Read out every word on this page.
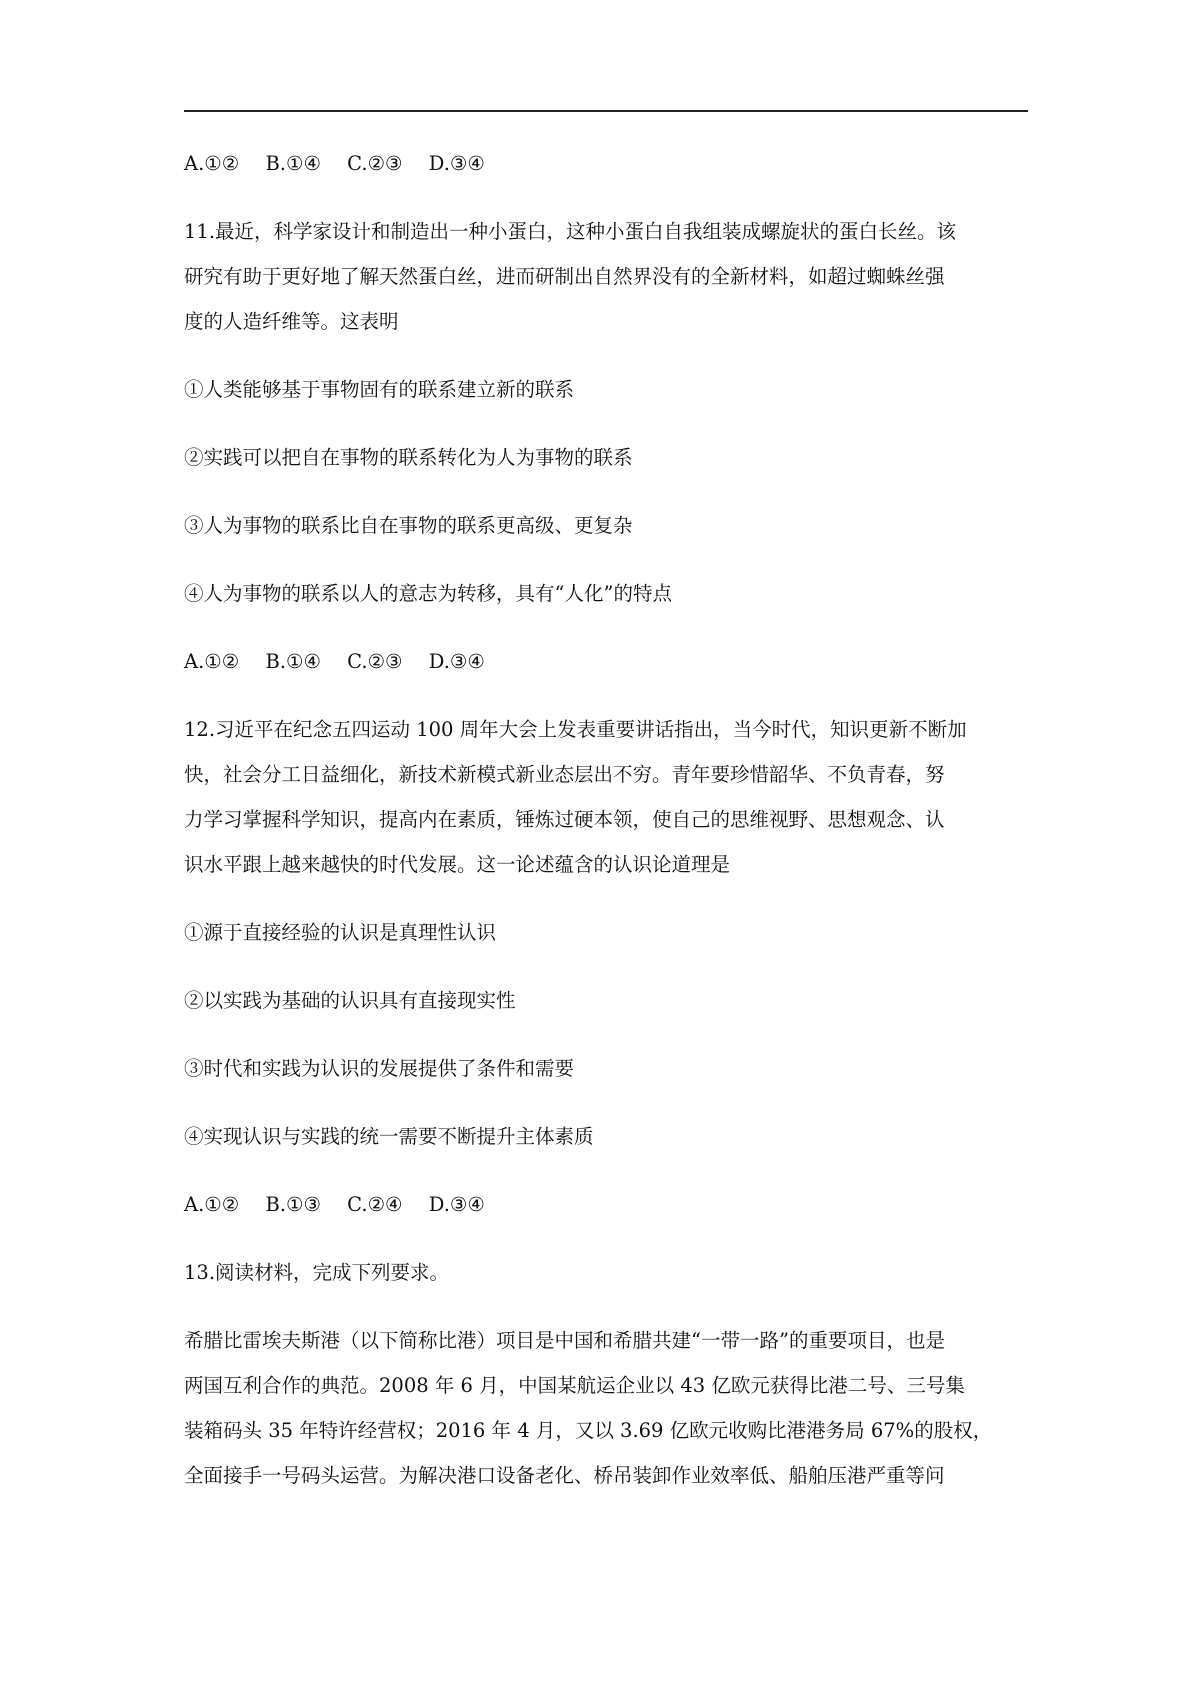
A.①② B.①④ C.②③ D.③④
11.最近，科学家设计和制造出一种小蛋白，这种小蛋白自我组装成螺旋状的蛋白长丝。该
研究有助于更好地了解天然蛋白丝，进而研制出自然界没有的全新材料，如超过蜘蛛丝强
度的人造纤维等。这表明
①人类能够基于事物固有的联系建立新的联系
②实践可以把自在事物的联系转化为人为事物的联系
③人为事物的联系比自在事物的联系更高级、更复杂
④人为事物的联系以人的意志为转移，具有“人化”的特点
A.①② B.①④ C.②③ D.③④
12.习近平在纪念五四运动 100 周年大会上发表重要讲话指出，当今时代，知识更新不断加
快，社会分工日益细化，新技术新模式新业态层出不穷。青年要珍惜韶华、不负青春，努
力学习掌握科学知识，提高内在素质，锤炼过硬本领，使自己的思维视野、思想观念、认
识水平跟上越来越快的时代发展。这一论述蕴含的认识论道理是
①源于直接经验的认识是真理性认识
②以实践为基础的认识具有直接现实性
③时代和实践为认识的发展提供了条件和需要
④实现认识与实践的统一需要不断提升主体素质
A.①② B.①③ C.②④ D.③④
13.阅读材料，完成下列要求。
希腊比雷埃夫斯港（以下简称比港）项目是中国和希腊共建“一带一路”的重要项目，也是
两国互利合作的典范。2008 年 6 月，中国某航运企业以 43 亿欧元获得比港二号、三号集
装箱码头 35 年特许经营权；2016 年 4 月，又以 3.69 亿欧元收购比港港务局 67%的股权，
全面接手一号码头运营。为解决港口设备老化、桥吊装卸作业效率低、船舶压港严重等问
